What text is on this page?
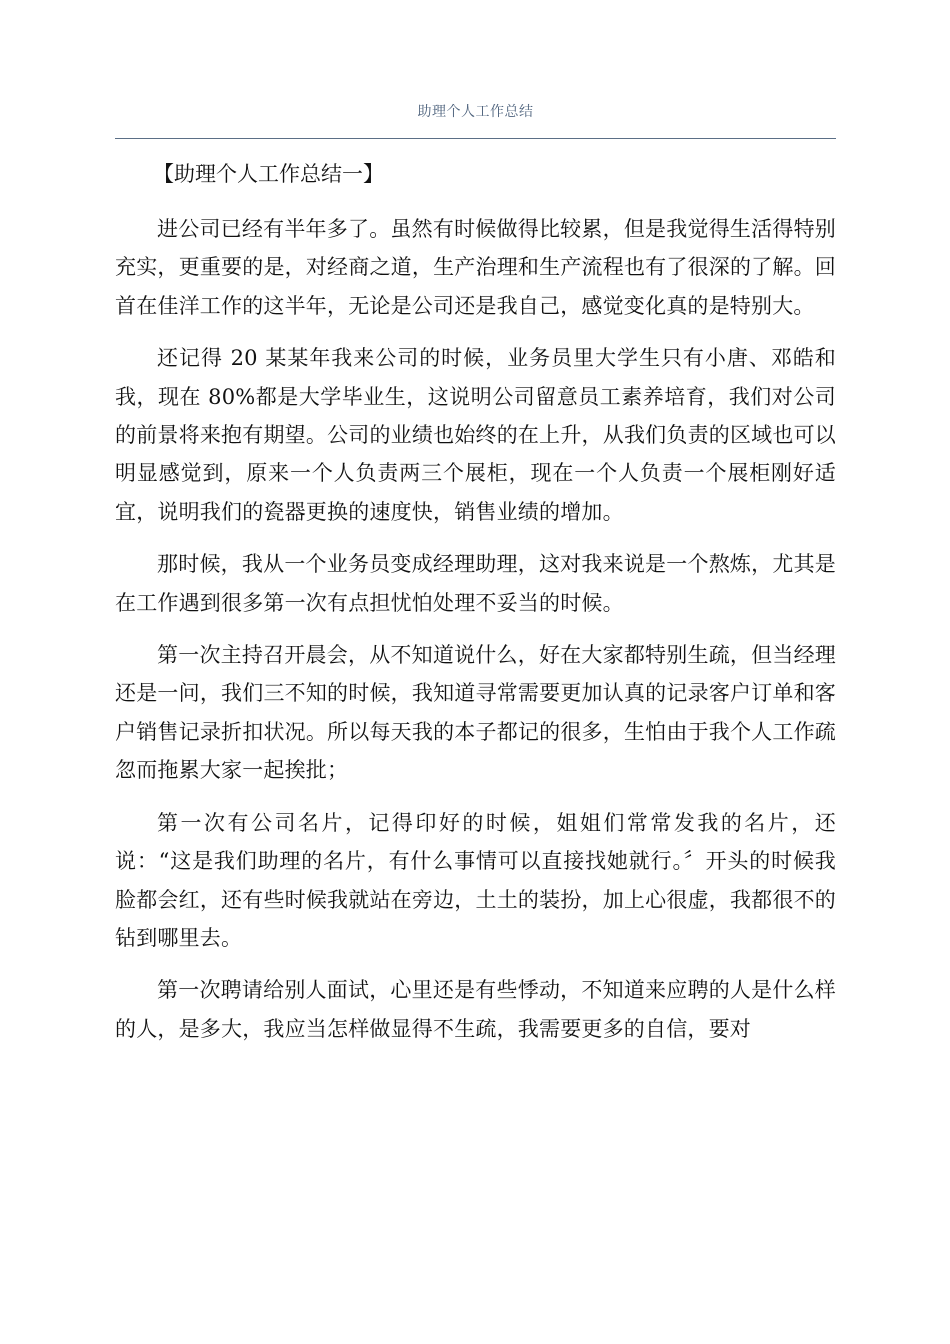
助理个人工作总结
【助理个人工作总结一】

进公司已经有半年多了。虽然有时候做得比较累，但是我觉得生活得特别充实，更重要的是，对经商之道，生产治理和生产流程也有了很深的了解。回首在佳洋工作的这半年，无论是公司还是我自己，感觉变化真的是特别大。

还记得 20 某某年我来公司的时候，业务员里大学生只有小唐、邓皓和我，现在 80%都是大学毕业生，这说明公司留意员工素养培育，我们对公司的前景将来抱有期望。公司的业绩也始终的在上升，从我们负责的区域也可以明显感觉到，原来一个人负责两三个展柜，现在一个人负责一个展柜刚好适宜，说明我们的瓷器更换的速度快，销售业绩的增加。

那时候，我从一个业务员变成经理助理，这对我来说是一个熬炼，尤其是在工作遇到很多第一次有点担忧怕处理不妥当的时候。

第一次主持召开晨会，从不知道说什么，好在大家都特别生疏，但当经理还是一问，我们三不知的时候，我知道寻常需要更加认真的记录客户订单和客户销售记录折扣状况。所以每天我的本子都记的很多，生怕由于我个人工作疏忽而拖累大家一起挨批；

第一次有公司名片，记得印好的时候，姐姐们常常发我的名片，还说：“这是我们助理的名片，有什么事情可以直接找她就行。〞开头的时候我脸都会红，还有些时候我就站在旁边，土土的装扮，加上心很虚，我都很不的钻到哪里去。

第一次聘请给别人面试，心里还是有些悸动，不知道来应聘的人是什么样的人，是多大，我应当怎样做显得不生疏，我需要更多的自信，要对
